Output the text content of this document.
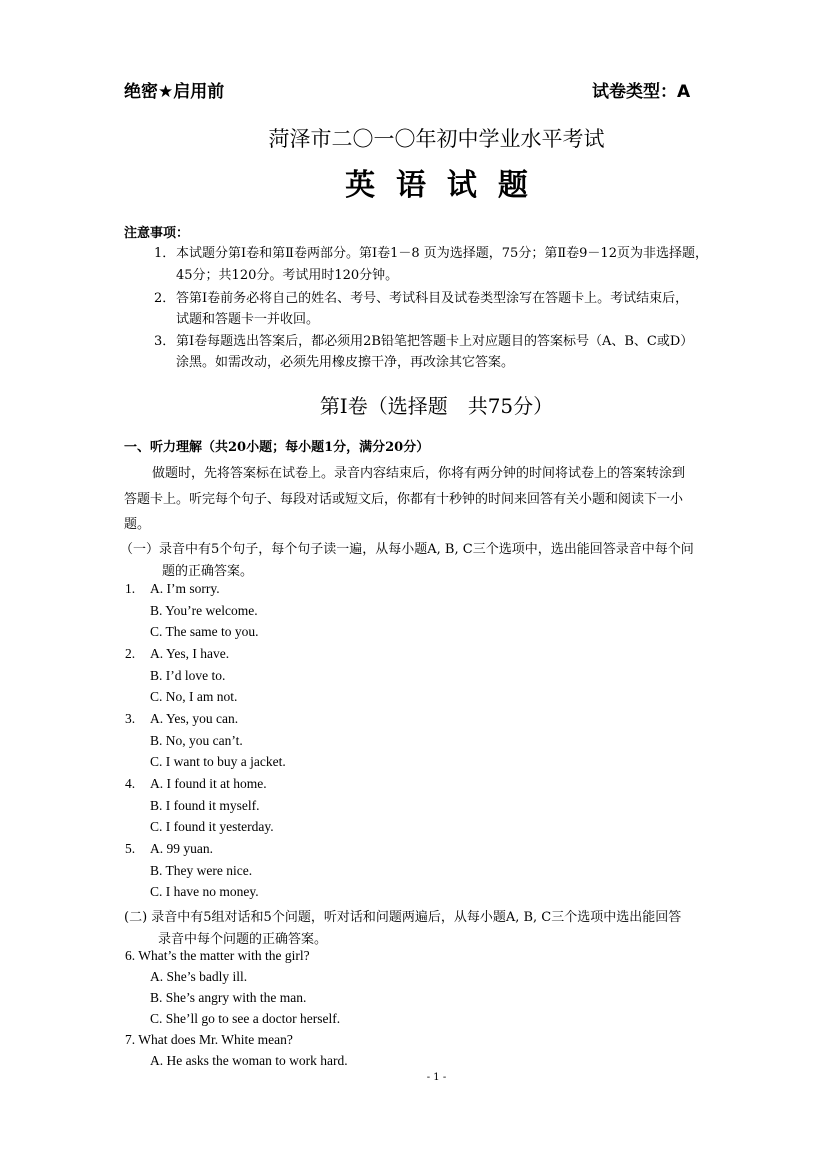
绝密★启用前	试卷类型：A
菏泽市二〇一〇年初中学业水平考试
英  语  试  题
注意事项：
1． 本试题分第Ⅰ卷和第Ⅱ卷两部分。第Ⅰ卷1－8 页为选择题，75分；第Ⅱ卷9－12页为非选择题，
45分；共120分。考试用时120分钟。
2． 答第Ⅰ卷前务必将自己的姓名、考号、考试科目及试卷类型涂写在答题卡上。考试结束后，
试题和答题卡一并收回。
3． 第Ⅰ卷每题选出答案后，都必须用2B铅笔把答题卡上对应题目的答案标号（A、B、C或D）
涂黑。如需改动，必须先用橡皮擦干净，再改涂其它答案。
第Ⅰ卷（选择题　共75分）
一、听力理解（共20小题；每小题1分，满分20分）
做题时，先将答案标在试卷上。录音内容结束后，你将有两分钟的时间将试卷上的答案转涂到
答题卡上。听完每个句子、每段对话或短文后，你都有十秒钟的时间来回答有关小题和阅读下一小
题。
（一）录音中有5个句子，每个句子读一遍，从每小题A, B, C三个选项中，选出能回答录音中每个问
题的正确答案。
1. A. I’m sorry.
B. You’re welcome.
C. The same to you.
2. A. Yes, I have.
B. I’d love to.
C. No, I am not.
3. A. Yes, you can.
B. No, you can’t.
C. I want to buy a jacket.
4. A. I found it at home.
B. I found it myself.
C. I found it yesterday.
5. A. 99 yuan.
B. They were nice.
C. I have no money.
(二) 录音中有5组对话和5个问题，听对话和问题两遍后，从每小题A, B, C三个选项中选出能回答
录音中每个问题的正确答案。
6. What’s the matter with the girl?
A. She’s badly ill.
B. She’s angry with the man.
C. She’ll go to see a doctor herself.
7. What does Mr. White mean?
A. He asks the woman to work hard.
- 1 -
